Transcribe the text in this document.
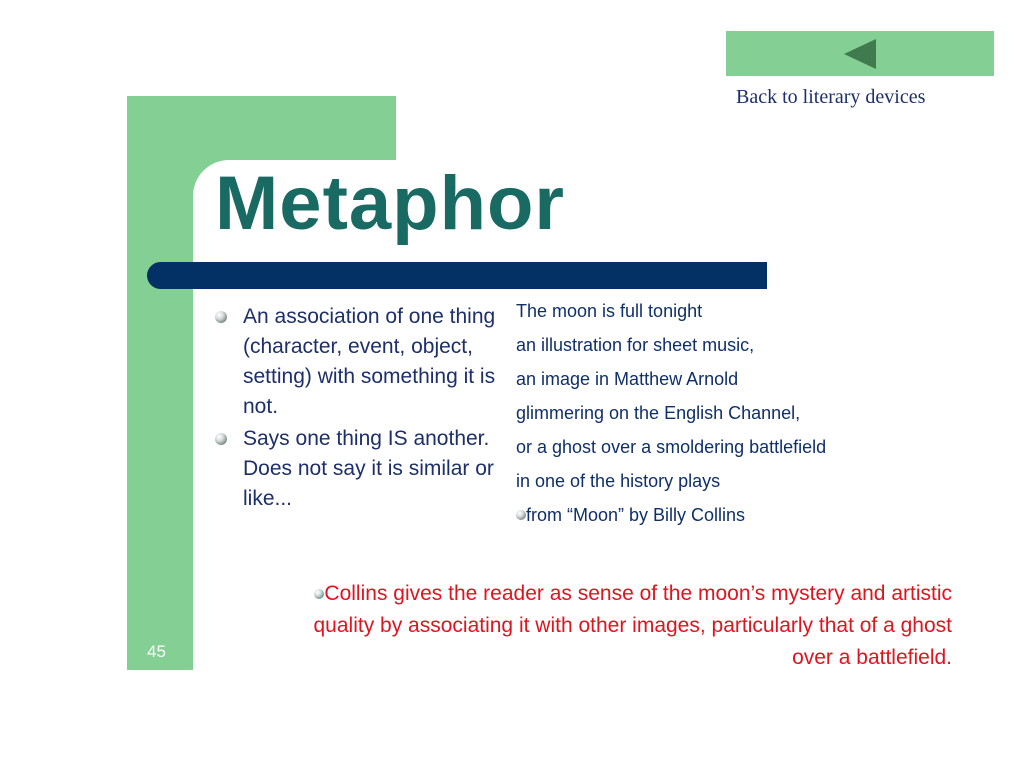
Back to literary devices
Metaphor
An association of one thing (character, event, object, setting) with something it is not.
Says one thing IS another. Does not say it is similar or like...
The moon is full tonight
an illustration for sheet music,
an image in Matthew Arnold
glimmering on the English Channel,
or a ghost over a smoldering battlefield
in one of the history plays
from “Moon” by Billy Collins
Collins gives the reader as sense of the moon’s mystery and artistic quality by associating it with other images, particularly that of a ghost over a battlefield.
45
